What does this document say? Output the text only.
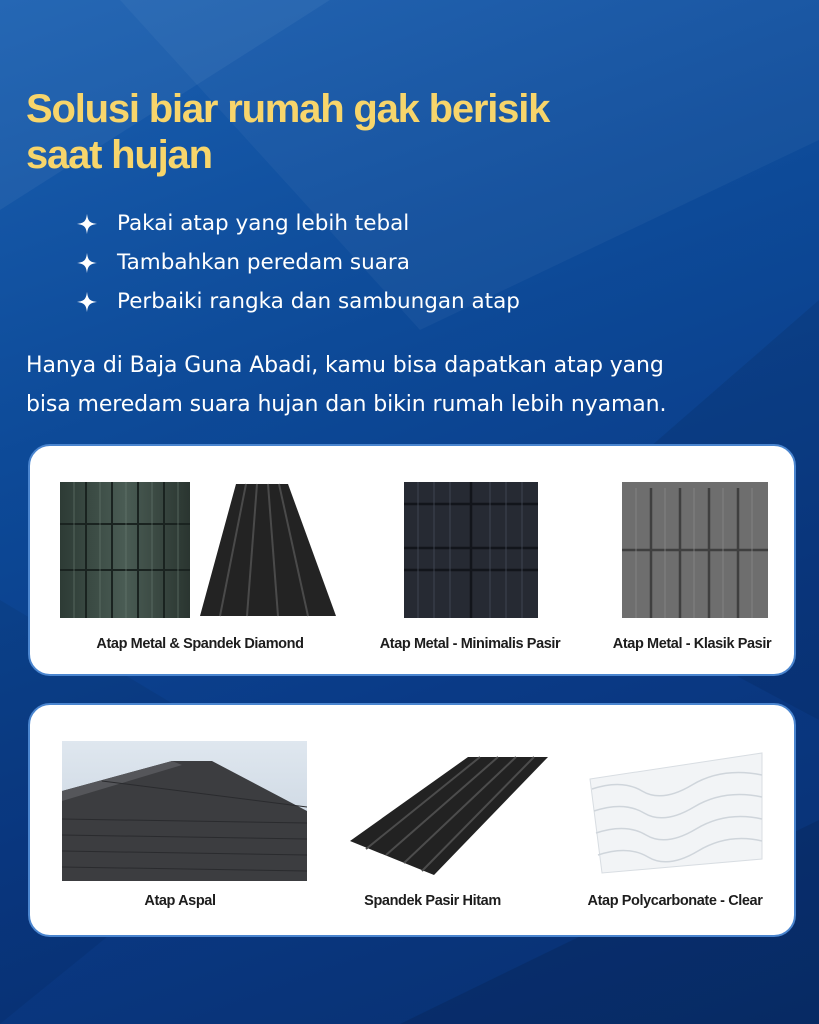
Solusi biar rumah gak berisik
saat hujan
Pakai atap yang lebih tebal
Tambahkan peredam suara
Perbaiki rangka dan sambungan atap

Hanya di Baja Guna Abadi, kamu bisa dapatkan atap yang
bisa meredam suara hujan dan bikin rumah lebih nyaman.

Atap Metal & Spandek Diamond	Atap Metal - Minimalis Pasir	Atap Metal - Klasik Pasir
Atap Aspal	Spandek Pasir Hitam	Atap Polycarbonate - Clear
